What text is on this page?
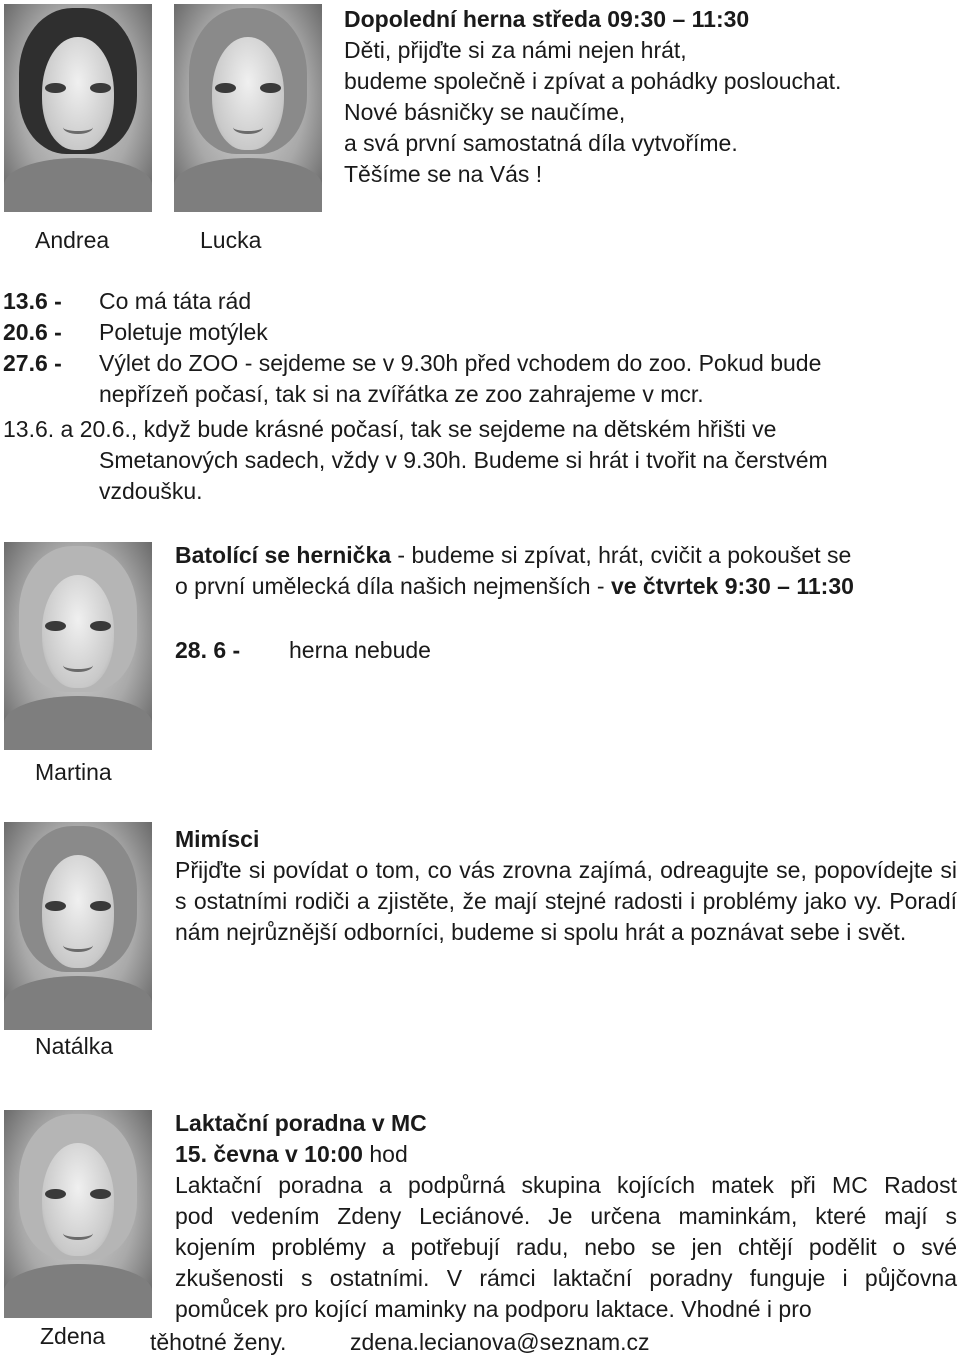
Andrea	Lucka
Dopolední herna středa 09:30 – 11:30
Děti, přijďte si za námi nejen hrát,
budeme společně i zpívat a pohádky poslouchat.
Nové básničky se naučíme,
a svá první samostatná díla vytvoříme.
Těšíme se na Vás !
13.6 - Co má táta rád
20.6 - Poletuje motýlek
27.6 - Výlet do ZOO - sejdeme se v 9.30h před vchodem do zoo. Pokud bude
nepřízeň počasí, tak si na zvířátka ze zoo zahrajeme v mcr.
13.6. a 20.6., když bude krásné počasí, tak se sejdeme na dětském hřišti ve
Smetanových sadech, vždy v 9.30h. Budeme si hrát i tvořit na čerstvém
vzdoušku.
Martina
Batolící se hernička - budeme si zpívat, hrát, cvičit a pokoušet se
o první umělecká díla našich nejmenších - ve čtvrtek 9:30 – 11:30
28. 6 - herna nebude
Natálka
Mimísci
Přijďte si povídat o tom, co vás zrovna zajímá, odreagujte se, popovídejte si s ostatními rodiči a zjistěte, že mají stejné radosti i problémy jako vy. Poradí nám nejrůznější odborníci, budeme si spolu hrát a poznávat sebe i svět.
Zdena
Laktační poradna v MC
15. čevna v 10:00 hod
Laktační poradna a podpůrná skupina kojících matek při MC Radost
pod vedením Zdeny Leciánové. Je určena maminkám, které mají s
kojením problémy a potřebují radu, nebo se jen chtějí podělit o své
zkušenosti s ostatními. V rámci laktační poradny funguje i půjčovna
pomůcek pro kojící maminky na podporu laktace. Vhodné i pro
těhotné ženy.	zdena.lecianova@seznam.cz
